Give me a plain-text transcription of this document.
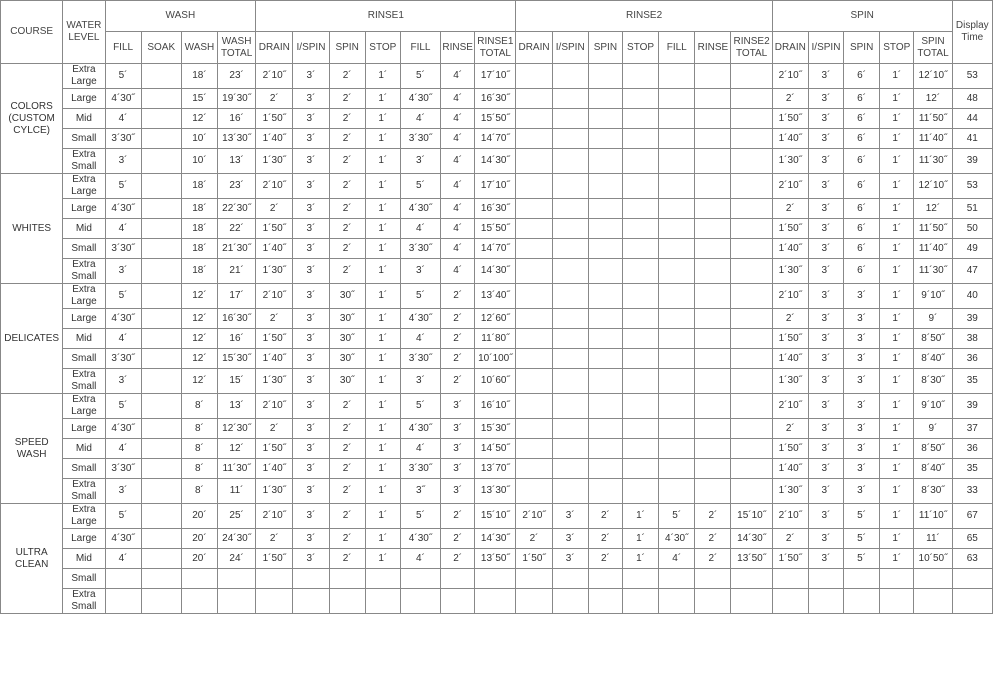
COURSE	WATER LEVEL	WASH				RINSE1							RINSE2							SPIN					Display Time
		FILL	SOAK	WASH	WASH TOTAL	DRAIN	I/SPIN	SPIN	STOP	FILL	RINSE	RINSE1 TOTAL	DRAIN	I/SPIN	SPIN	STOP	FILL	RINSE	RINSE2 TOTAL	DRAIN	I/SPIN	SPIN	STOP	SPIN TOTAL	
COLORS (CUSTOM CYLCE)	Extra Large	5´		18´	23´	2´10˝	3´	2´	1´	5´	4´	17´10˝								2´10˝	3´	6´	1´	12´10˝	53
	Large	4´30˝		15´	19´30˝	2´	3´	2´	1´	4´30˝	4´	16´30˝								2´	3´	6´	1´	12´	48
	Mid	4´		12´	16´	1´50˝	3´	2´	1´	4´	4´	15´50˝								1´50˝	3´	6´	1´	11´50˝	44
	Small	3´30˝		10´	13´30˝	1´40˝	3´	2´	1´	3´30˝	4´	14´70˝								1´40˝	3´	6´	1´	11´40˝	41
	Extra Small	3´		10´	13´	1´30˝	3´	2´	1´	3´	4´	14´30˝								1´30˝	3´	6´	1´	11´30˝	39
WHITES	Extra Large	5´		18´	23´	2´10˝	3´	2´	1´	5´	4´	17´10˝								2´10˝	3´	6´	1´	12´10˝	53
	Large	4´30˝		18´	22´30˝	2´	3´	2´	1´	4´30˝	4´	16´30˝								2´	3´	6´	1´	12´	51
	Mid	4´		18´	22´	1´50˝	3´	2´	1´	4´	4´	15´50˝								1´50˝	3´	6´	1´	11´50˝	50
	Small	3´30˝		18´	21´30˝	1´40˝	3´	2´	1´	3´30˝	4´	14´70˝								1´40˝	3´	6´	1´	11´40˝	49
	Extra Small	3´		18´	21´	1´30˝	3´	2´	1´	3´	4´	14´30˝								1´30˝	3´	6´	1´	11´30˝	47
DELICATES	Extra Large	5´		12´	17´	2´10˝	3´	30˝	1´	5´	2´	13´40˝								2´10˝	3´	3´	1´	9´10˝	40
	Large	4´30˝		12´	16´30˝	2´	3´	30˝	1´	4´30˝	2´	12´60˝								2´	3´	3´	1´	9´	39
	Mid	4´		12´	16´	1´50˝	3´	30˝	1´	4´	2´	11´80˝								1´50˝	3´	3´	1´	8´50˝	38
	Small	3´30˝		12´	15´30˝	1´40˝	3´	30˝	1´	3´30˝	2´	10´100˝								1´40˝	3´	3´	1´	8´40˝	36
	Extra Small	3´		12´	15´	1´30˝	3´	30˝	1´	3´	2´	10´60˝								1´30˝	3´	3´	1´	8´30˝	35
SPEED WASH	Extra Large	5´		8´	13´	2´10˝	3´	2´	1´	5´	3´	16´10˝								2´10˝	3´	3´	1´	9´10˝	39
	Large	4´30˝		8´	12´30˝	2´	3´	2´	1´	4´30˝	3´	15´30˝								2´	3´	3´	1´	9´	37
	Mid	4´		8´	12´	1´50˝	3´	2´	1´	4´	3´	14´50˝								1´50˝	3´	3´	1´	8´50˝	36
	Small	3´30˝		8´	11´30˝	1´40˝	3´	2´	1´	3´30˝	3´	13´70˝								1´40˝	3´	3´	1´	8´40˝	35
	Extra Small	3´		8´	11´	1´30˝	3´	2´	1´	3˝	3´	13´30˝								1´30˝	3´	3´	1´	8´30˝	33
ULTRA CLEAN	Extra Large	5´		20´	25´	2´10˝	3´	2´	1´	5´	2´	15´10˝	2´10˝	3´	2´	1´	5´	2´	15´10˝	2´10˝	3´	5´	1´	11´10˝	67
	Large	4´30˝		20´	24´30˝	2´	3´	2´	1´	4´30˝	2´	14´30˝	2´	3´	2´	1´	4´30˝	2´	14´30˝	2´	3´	5´	1´	11´	65
	Mid	4´		20´	24´	1´50˝	3´	2´	1´	4´	2´	13´50˝	1´50˝	3´	2´	1´	4´	2´	13´50˝	1´50˝	3´	5´	1´	10´50˝	63
	Small																								
	Extra Small																								
